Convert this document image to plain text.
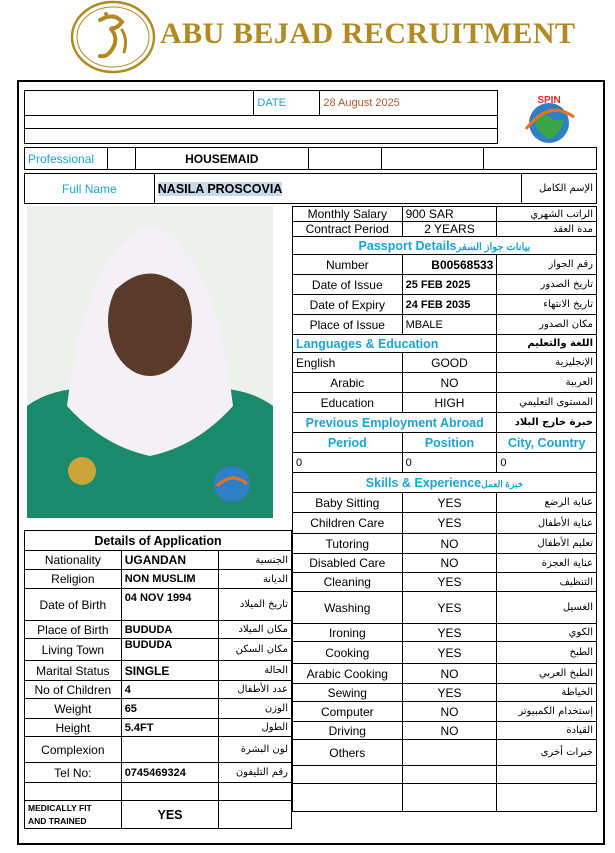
ABU BEJAD RECRUITMENT
SPIN
	DATE	28 August 2025

Professional		HOUSEMAID			
Full Name	NASILA PROSCOVIA	الإسم الكامل
Monthly Salary	900 SAR	الراتب الشهري
Contract Period	2 YEARS	مدة العقد
Passport Detailsبيانات جواز السفر		
Number	B00568533	رقم الجواز
Date of Issue	25 FEB 2025	تاريخ الصدور
Date of Expiry	24 FEB 2035	تاريخ الانتهاء
Place of Issue	MBALE	مكان الصدور
Languages & Education		اللغة والتعليم
English	GOOD	الإنجليزية
Arabic	NO	العربية
Education	HIGH	المستوى التعليمي
Previous Employment Abroad		خبرة خارج البلاد
Period	Position	City, Country
0	0	0
Skills & Experienceخبرة العمل		
Baby Sitting	YES	عناية الرضع
Children Care	YES	عناية الأطفال
Tutoring	NO	تعليم الأطفال
Disabled Care	NO	عناية العجزة
Cleaning	YES	التنظيف
Washing	YES	الغسيل
Ironing	YES	الكوي
Cooking	YES	الطبخ
Arabic Cooking	NO	الطبخ العربي
Sewing	YES	الخياطة
Computer	NO	إستخدام الكمبيوتر
Driving	NO	القيادة
Others		خبرات أخرى

Details of Application		
Nationality	UGANDAN	الجنسية
Religion	NON MUSLIM	الديانة
Date of Birth	04 NOV 1994	تاريخ الميلاد
Place of Birth	BUDUDA	مكان الميلاد
Living Town	BUDUDA	مكان السكن
Marital Status	SINGLE	الحالة
No of Children	4	عدد الأطفال
Weight	65	الوزن
Height	5.4FT	الطول
Complexion		لون البشرة
Tel No:	0745469324	رقم التليفون

MEDICALLY FIT
AND TRAINED	YES	
